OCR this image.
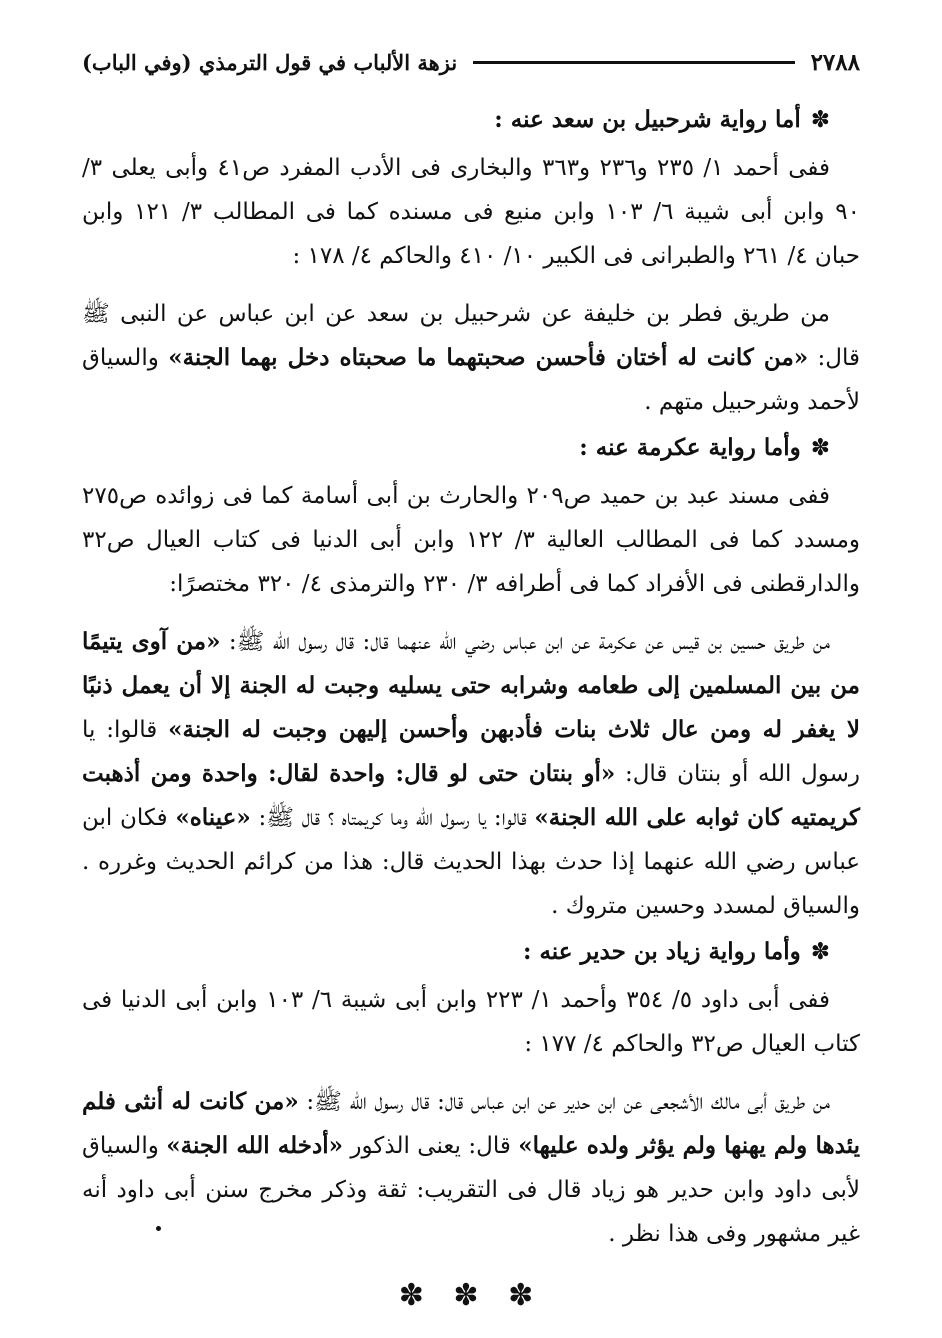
٢٧٨٨
نزهة الألباب في قول الترمذي (وفي الباب)
✽أما رواية شرحبيل بن سعد عنه :

ففى أحمد ١/ ٢٣٥ و٢٣٦ و٣٦٣ والبخارى فى الأدب المفرد ص٤١ وأبى يعلى ٣/ ٩٠ وابن أبى شيبة ٦/ ١٠٣ وابن منيع فى مسنده كما فى المطالب ٣/ ١٢١ وابن حبان ٤/ ٢٦١ والطبرانى فى الكبير ١٠/ ٤١٠ والحاكم ٤/ ١٧٨ :

من طريق فطر بن خليفة عن شرحبيل بن سعد عن ابن عباس عن النبى ﷺ قال: «من كانت له أختان فأحسن صحبتهما ما صحبتاه دخل بهما الجنة» والسياق لأحمد وشرحبيل متهم .

✽وأما رواية عكرمة عنه :

ففى مسند عبد بن حميد ص٢٠٩ والحارث بن أبى أسامة كما فى زوائده ص٢٧٥ ومسدد كما فى المطالب العالية ٣/ ١٢٢ وابن أبى الدنيا فى كتاب العيال ص٣٢ والدارقطنى فى الأفراد كما فى أطرافه ٣/ ٢٣٠ والترمذى ٤/ ٣٢٠ مختصرًا:

من طريق حسين بن قيس عن عكرمة عن ابن عباس رضي الله عنهما قال: قال رسول الله ﷺ: «من آوى يتيمًا من بين المسلمين إلى طعامه وشرابه حتى يسليه وجبت له الجنة إلا أن يعمل ذنبًا لا يغفر له ومن عال ثلاث بنات فأدبهن وأحسن إليهن وجبت له الجنة» قالوا: يا رسول الله أو بنتان قال: «أو بنتان حتى لو قال: واحدة لقال: واحدة ومن أذهبت كريمتيه كان ثوابه على الله الجنة» قالوا: يا رسول الله وما كريمتاه ؟ قال ﷺ: «عيناه» فكان ابن عباس رضي الله عنهما إذا حدث بهذا الحديث قال: هذا من كرائم الحديث وغرره . والسياق لمسدد وحسين متروك .

✽وأما رواية زياد بن حدير عنه :

ففى أبى داود ٥/ ٣٥٤ وأحمد ١/ ٢٢٣ وابن أبى شيبة ٦/ ١٠٣ وابن أبى الدنيا فى كتاب العيال ص٣٢ والحاكم ٤/ ١٧٧ :

من طريق أبى مالك الأشجعى عن ابن حدير عن ابن عباس قال: قال رسول الله ﷺ: «من كانت له أنثى فلم يئدها ولم يهنها ولم يؤثر ولده عليها» قال: يعنى الذكور «أدخله الله الجنة» والسياق لأبى داود وابن حدير هو زياد قال فى التقريب: ثقة وذكر مخرج سنن أبى داود أنه غير مشهور وفى هذا نظر .

✽ ✽ ✽
